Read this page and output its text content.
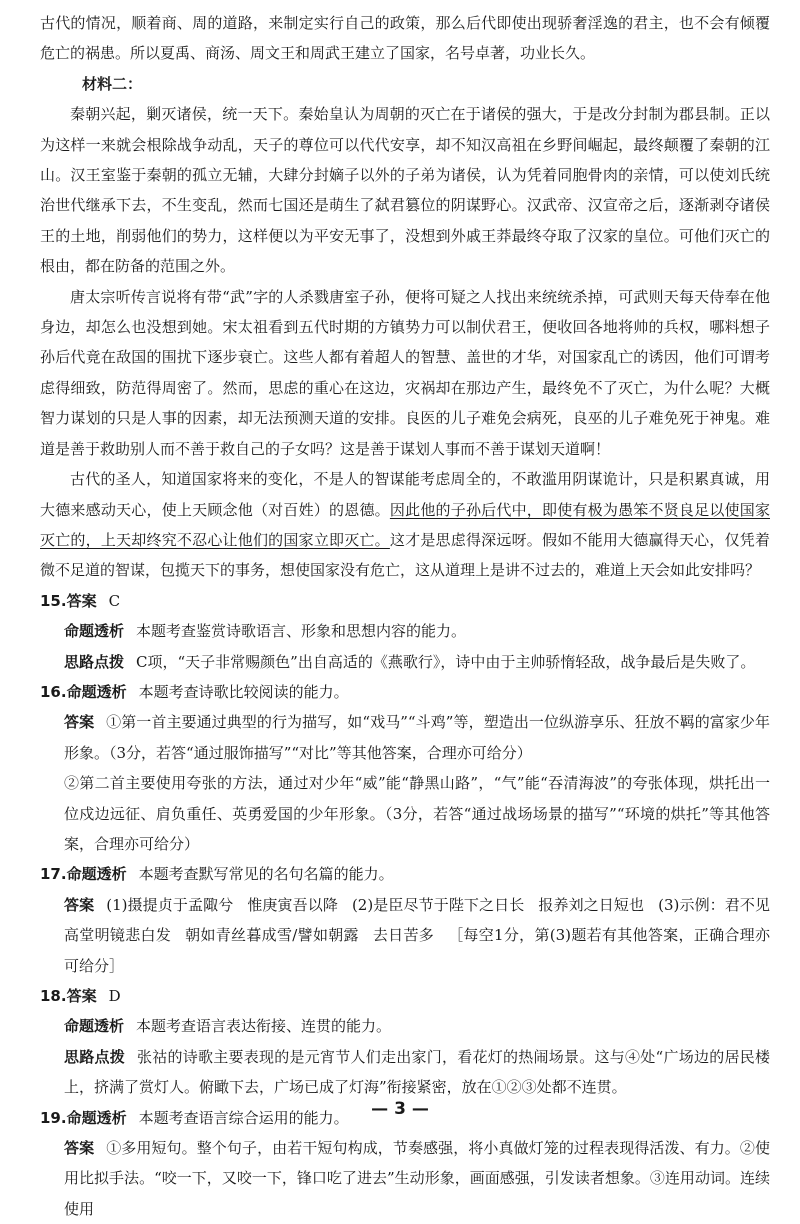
古代的情况，顺着商、周的道路，来制定实行自己的政策，那么后代即使出现骄奢淫逸的君主，也不会有倾覆危亡的祸患。所以夏禹、商汤、周文王和周武王建立了国家，名号卓著，功业长久。

材料二：

秦朝兴起，剿灭诸侯，统一天下。秦始皇认为周朝的灭亡在于诸侯的强大，于是改分封制为郡县制。正以为这样一来就会根除战争动乱，天子的尊位可以代代安享，却不知汉高祖在乡野间崛起，最终颠覆了秦朝的江山。汉王室鉴于秦朝的孤立无辅，大肆分封嫡子以外的子弟为诸侯，认为凭着同胞骨肉的亲情，可以使刘氏统治世代继承下去，不生变乱，然而七国还是萌生了弑君篡位的阴谋野心。汉武帝、汉宣帝之后，逐渐剥夺诸侯王的土地，削弱他们的势力，这样便以为平安无事了，没想到外戚王莽最终夺取了汉家的皇位。可他们灭亡的根由，都在防备的范围之外。

唐太宗听传言说将有带“武”字的人杀戮唐室子孙，便将可疑之人找出来统统杀掉，可武则天每天侍奉在他身边，却怎么也没想到她。宋太祖看到五代时期的方镇势力可以制伏君王，便收回各地将帅的兵权，哪料想子孙后代竟在敌国的围扰下逐步衰亡。这些人都有着超人的智慧、盖世的才华，对国家乱亡的诱因，他们可谓考虑得细致，防范得周密了。然而，思虑的重心在这边，灾祸却在那边产生，最终免不了灭亡，为什么呢？大概智力谋划的只是人事的因素，却无法预测天道的安排。良医的儿子难免会病死，良巫的儿子难免死于神鬼。难道是善于救助别人而不善于救自己的子女吗？这是善于谋划人事而不善于谋划天道啊！

古代的圣人，知道国家将来的变化，不是人的智谋能考虑周全的，不敢滥用阴谋诡计，只是积累真诚，用大德来感动天心，使上天顾念他（对百姓）的恩德。因此他的子孙后代中，即使有极为愚笨不贤良足以使国家灭亡的，上天却终究不忍心让他们的国家立即灭亡。这才是思虑得深远呀。假如不能用大德赢得天心，仅凭着微不足道的智谋，包揽天下的事务，想使国家没有危亡，这从道理上是讲不过去的，难道上天会如此安排吗？

15.答案 C

命题透析 本题考查鉴赏诗歌语言、形象和思想内容的能力。

思路点拨 C项，“天子非常赐颜色”出自高适的《燕歌行》，诗中由于主帅骄惰轻敌，战争最后是失败了。

16.命题透析 本题考查诗歌比较阅读的能力。

答案 ①第一首主要通过典型的行为描写，如“戏马”“斗鸡”等，塑造出一位纵游享乐、狂放不羁的富家少年形象。（3分，若答“通过服饰描写”“对比”等其他答案，合理亦可给分）

②第二首主要使用夸张的方法，通过对少年“威”能“静黑山路”，“气”能“吞清海波”的夸张体现，烘托出一位戍边远征、肩负重任、英勇爱国的少年形象。（3分，若答“通过战场场景的描写”“环境的烘托”等其他答案，合理亦可给分）

17.命题透析 本题考查默写常见的名句名篇的能力。

答案 (1)摄提贞于孟陬兮 惟庚寅吾以降 (2)是臣尽节于陛下之日长 报养刘之日短也 (3)示例：君不见高堂明镜悲白发 朝如青丝暮成雪/譬如朝露 去日苦多 ［每空1分，第(3)题若有其他答案，正确合理亦可给分］

18.答案 D

命题透析 本题考查语言表达衔接、连贯的能力。

思路点拨 张祜的诗歌主要表现的是元宵节人们走出家门，看花灯的热闹场景。这与④处“广场边的居民楼上，挤满了赏灯人。俯瞰下去，广场已成了灯海”衔接紧密，放在①②③处都不连贯。

19.命题透析 本题考查语言综合运用的能力。

答案 ①多用短句。整个句子，由若干短句构成，节奏感强，将小真做灯笼的过程表现得活泼、有力。②使用比拟手法。“咬一下，又咬一下，锋口吃了进去”生动形象，画面感强，引发读者想象。③连用动词。连续使用

— 3 —
